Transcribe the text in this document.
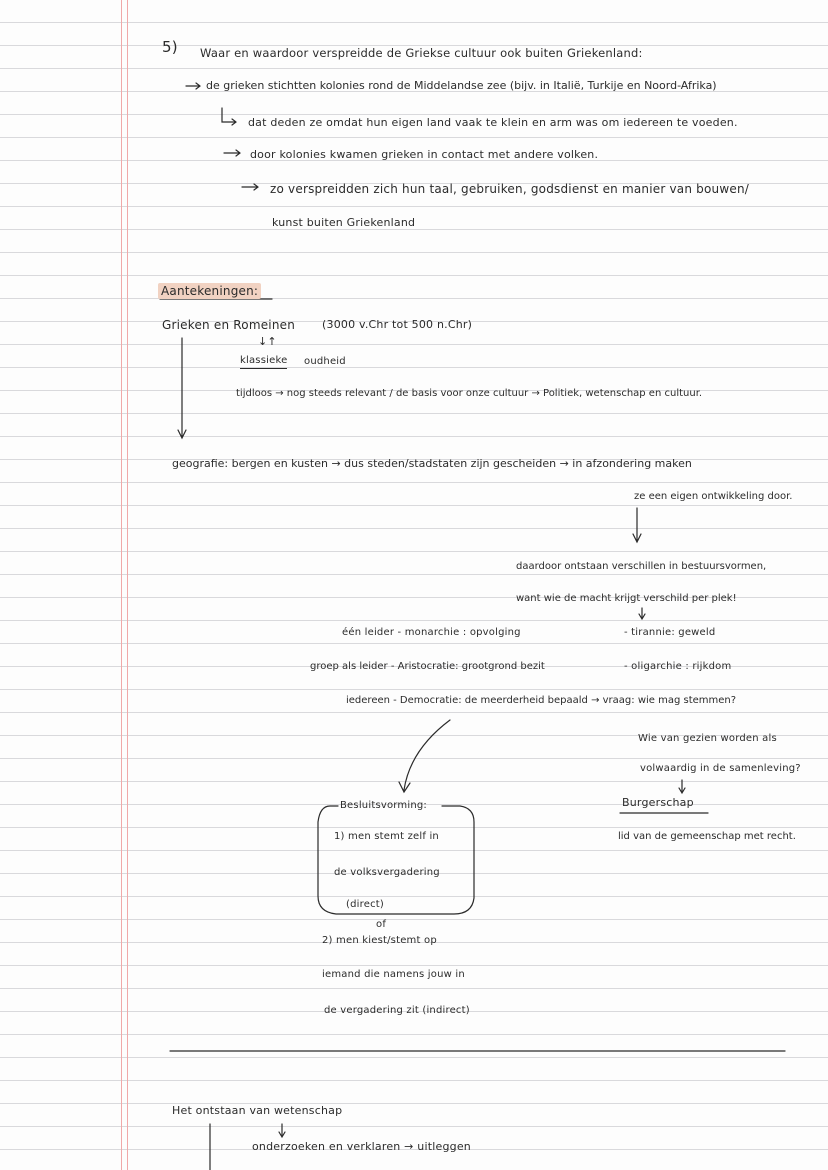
5) Waar en waardoor verspreidde de Griekse cultuur ook buiten Griekenland:
de grieken stichtten kolonies rond de Middelandse zee (bijv. in Italië, Turkije en Noord-Afrika)
dat deden ze omdat hun eigen land vaak te klein en arm was om iedereen te voeden.
door kolonies kwamen grieken in contact met andere volken.
zo verspreidden zich hun taal, gebruiken, godsdienst en manier van bouwen/
kunst buiten Griekenland
Aantekeningen:
Grieken en Romeinen (3000 v.Chr tot 500 n.Chr)
↓↑
klassieke oudheid
tijdloos → nog steeds relevant / de basis voor onze cultuur → Politiek, wetenschap en cultuur.
geografie: bergen en kusten → dus steden/stadstaten zijn gescheiden → in afzondering maken
ze een eigen ontwikkeling door.
daardoor ontstaan verschillen in bestuursvormen,
want wie de macht krijgt verschild per plek!
één leider - monarchie : opvolging	- tirannie: geweld
groep als leider - Aristocratie: grootgrond bezit	- oligarchie : rijkdom
iedereen - Democratie: de meerderheid bepaald → vraag: wie mag stemmen?
Wie van gezien worden als
volwaardig in de samenleving?
Burgerschap
lid van de gemeenschap met recht.
Besluitsvorming:
1) men stemt zelf in
de volksvergadering
(direct)
of
2) men kiest/stemt op
iemand die namens jouw in
de vergadering zit (indirect)
Het ontstaan van wetenschap
onderzoeken en verklaren → uitleggen
